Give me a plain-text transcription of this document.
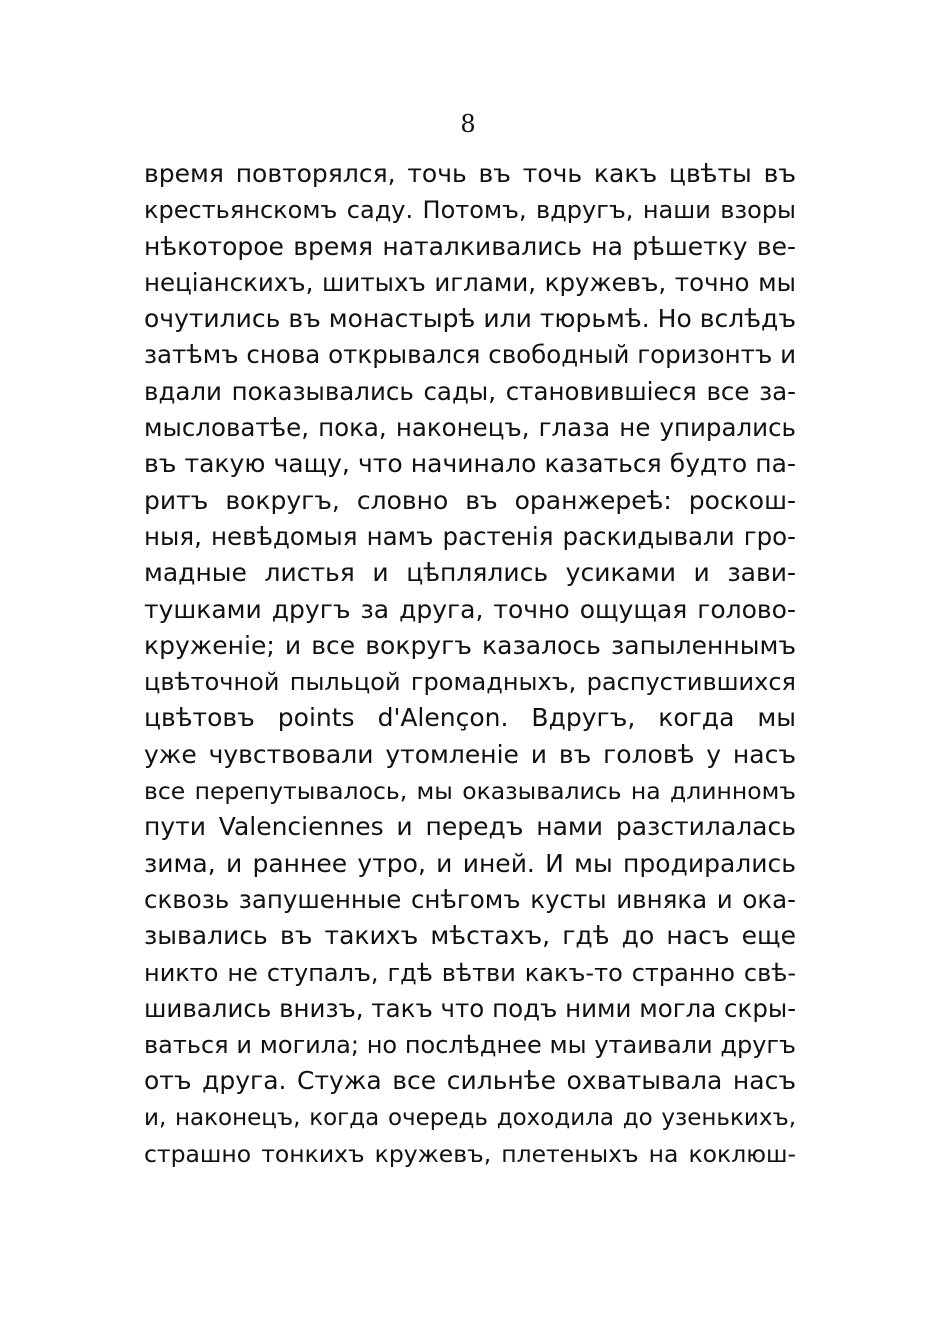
8
время повторялся, точь въ точь какъ цвѣты въ
крестьянскомъ саду. Потомъ, вдругъ, наши взоры
нѣкоторое время наталкивались на рѣшетку ве-
неціанскихъ, шитыхъ иглами, кружевъ, точно мы
очутились въ монастырѣ или тюрьмѣ. Но вслѣдъ
затѣмъ снова открывался свободный горизонтъ и
вдали показывались сады, становившіеся все за-
мысловатѣе, пока, наконецъ, глаза не упирались
въ такую чащу, что начинало казаться будто па-
ритъ вокругъ, словно въ оранжереѣ: роскош-
ныя, невѣдомыя намъ растенія раскидывали гро-
мадные листья и цѣплялись усиками и зави-
тушками другъ за друга, точно ощущая голово-
круженіе; и все вокругъ казалось запыленнымъ
цвѣточной пыльцой громадныхъ, распустившихся
цвѣтовъ points d'Alençon. Вдругъ, когда мы
уже чувствовали утомленіе и въ головѣ у насъ
все перепутывалось, мы оказывались на длинномъ
пути Valenciennes и передъ нами разстилалась
зима, и раннее утро, и иней. И мы продирались
сквозь запушенные снѣгомъ кусты ивняка и ока-
зывались въ такихъ мѣстахъ, гдѣ до насъ еще
никто не ступалъ, гдѣ вѣтви какъ-то странно свѣ-
шивались внизъ, такъ что подъ ними могла скры-
ваться и могила; но послѣднее мы утаивали другъ
отъ друга. Стужа все сильнѣе охватывала насъ
и, наконецъ, когда очередь доходила до узенькихъ,
страшно тонкихъ кружевъ, плетеныхъ на коклюш-
